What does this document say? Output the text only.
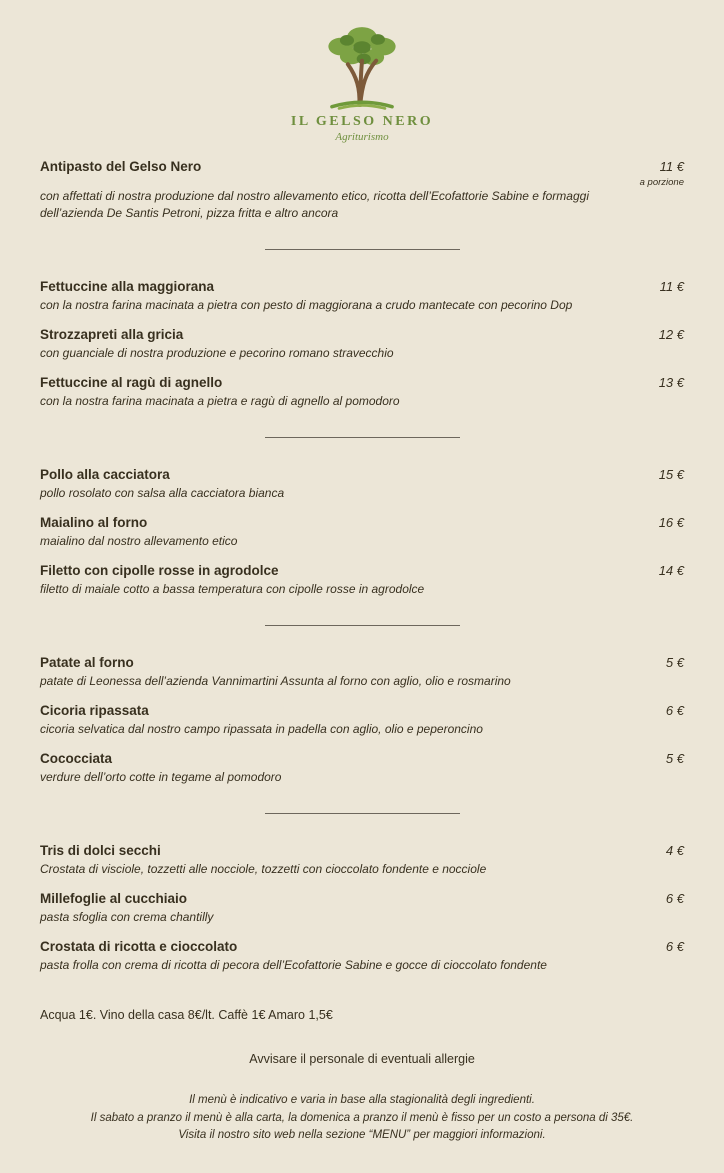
IL GELSO NERO
Agriturismo
Antipasto del Gelso Nero	11 €
a porzione
con affettati di nostra produzione dal nostro allevamento etico, ricotta dell’Ecofattorie Sabine e formaggi dell’azienda De Santis Petroni, pizza fritta e altro ancora
Fettuccine alla maggiorana	11 €
con la nostra farina macinata a pietra con pesto di maggiorana a crudo mantecate con pecorino Dop
Strozzapreti alla gricia	12 €
con guanciale di nostra produzione e pecorino romano stravecchio
Fettuccine al ragù di agnello	13 €
con la nostra farina macinata a pietra e ragù di agnello al pomodoro
Pollo alla cacciatora	15 €
pollo rosolato con salsa alla cacciatora bianca
Maialino al forno	16 €
maialino dal nostro allevamento etico
Filetto con cipolle rosse in agrodolce	14 €
filetto di maiale cotto a bassa temperatura con cipolle rosse in agrodolce
Patate al forno	5 €
patate di Leonessa dell’azienda Vannimartini Assunta al forno con aglio, olio e rosmarino
Cicoria ripassata	6 €
cicoria selvatica dal nostro campo ripassata in padella con aglio, olio e peperoncino
Cococciata	5 €
verdure dell’orto cotte in tegame al pomodoro
Tris di dolci secchi	4 €
Crostata di visciole, tozzetti alle nocciole, tozzetti con cioccolato fondente e nocciole
Millefoglie al cucchiaio	6 €
pasta sfoglia con crema chantilly
Crostata di ricotta e cioccolato	6 €
pasta frolla con crema di ricotta di pecora dell’Ecofattorie Sabine e gocce di cioccolato fondente
Acqua 1€. Vino della casa 8€/lt. Caffè 1€ Amaro 1,5€
Avvisare il personale di eventuali allergie
Il menù è indicativo e varia in base alla stagionalità degli ingredienti.
Il sabato a pranzo il menù è alla carta, la domenica a pranzo il menù è fisso per un costo a persona di 35€.
Visita il nostro sito web nella sezione “MENU” per maggiori informazioni.
